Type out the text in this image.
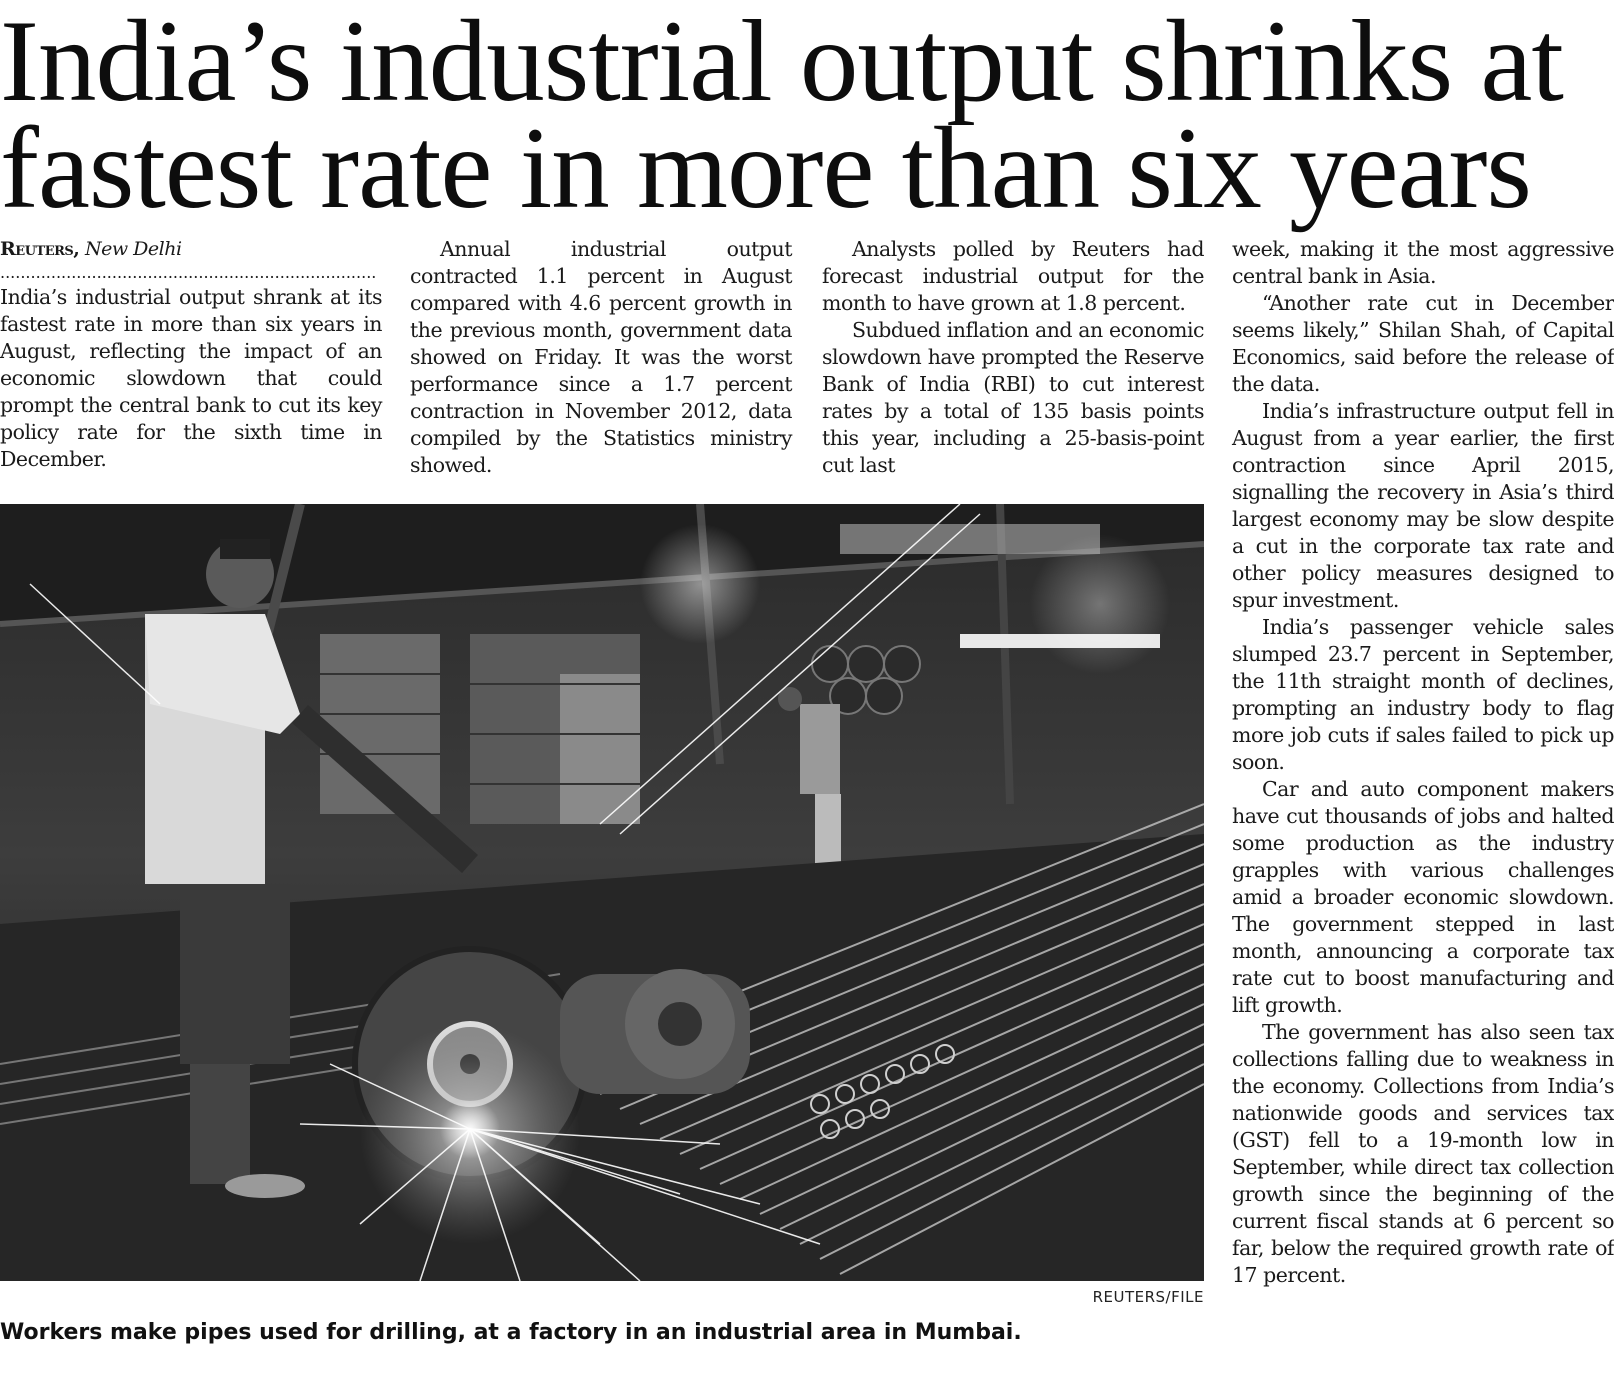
India’s industrial output shrinks at
fastest rate in more than six years
Reuters, New Delhi
..........................................................................

India’s industrial output shrank at its fastest rate in more than six years in August, reflecting the impact of an economic slowdown that could prompt the central bank to cut its key policy rate for the sixth time in December.

Annual industrial output contracted 1.1 percent in August compared with 4.6 percent growth in the previous month, government data showed on Friday. It was the worst performance since a 1.7 percent contraction in November 2012, data compiled by the Statistics ministry showed.

Analysts polled by Reuters had forecast industrial output for the month to have grown at 1.8 percent.

Subdued inflation and an economic slowdown have prompted the Reserve Bank of India (RBI) to cut interest rates by a total of 135 basis points this year, including a 25-basis-point cut last

week, making it the most aggressive central bank in Asia.

“Another rate cut in December seems likely,” Shilan Shah, of Capital Economics, said before the release of the data.

India’s infrastructure output fell in August from a year earlier, the first contraction since April 2015, signalling the recovery in Asia’s third largest economy may be slow despite a cut in the corporate tax rate and other policy measures designed to spur investment.

India’s passenger vehicle sales slumped 23.7 percent in September, the 11th straight month of declines, prompting an industry body to flag more job cuts if sales failed to pick up soon.

Car and auto component makers have cut thousands of jobs and halted some production as the industry grapples with various challenges amid a broader economic slowdown. The government stepped in last month, announcing a corporate tax rate cut to boost manufacturing and lift growth.

The government has also seen tax collections falling due to weakness in the economy. Collections from India’s nationwide goods and services tax (GST) fell to a 19-month low in September, while direct tax collection growth since the beginning of the current fiscal stands at 6 percent so far, below the required growth rate of 17 percent.

REUTERS/FILE
Workers make pipes used for drilling, at a factory in an industrial area in Mumbai.
